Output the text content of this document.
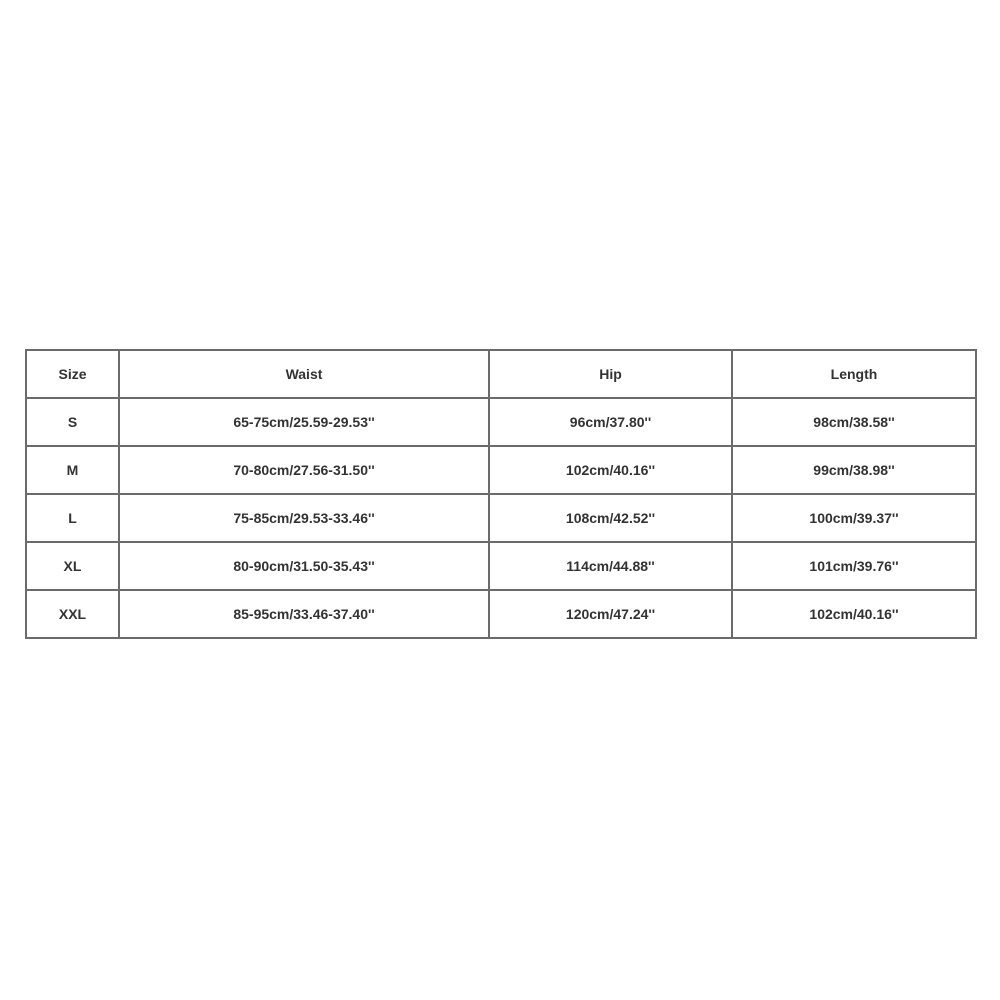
Size	Waist	Hip	Length
S	65-75cm/25.59-29.53''	96cm/37.80''	98cm/38.58''
M	70-80cm/27.56-31.50''	102cm/40.16''	99cm/38.98''
L	75-85cm/29.53-33.46''	108cm/42.52''	100cm/39.37''
XL	80-90cm/31.50-35.43''	114cm/44.88''	101cm/39.76''
XXL	85-95cm/33.46-37.40''	120cm/47.24''	102cm/40.16''
